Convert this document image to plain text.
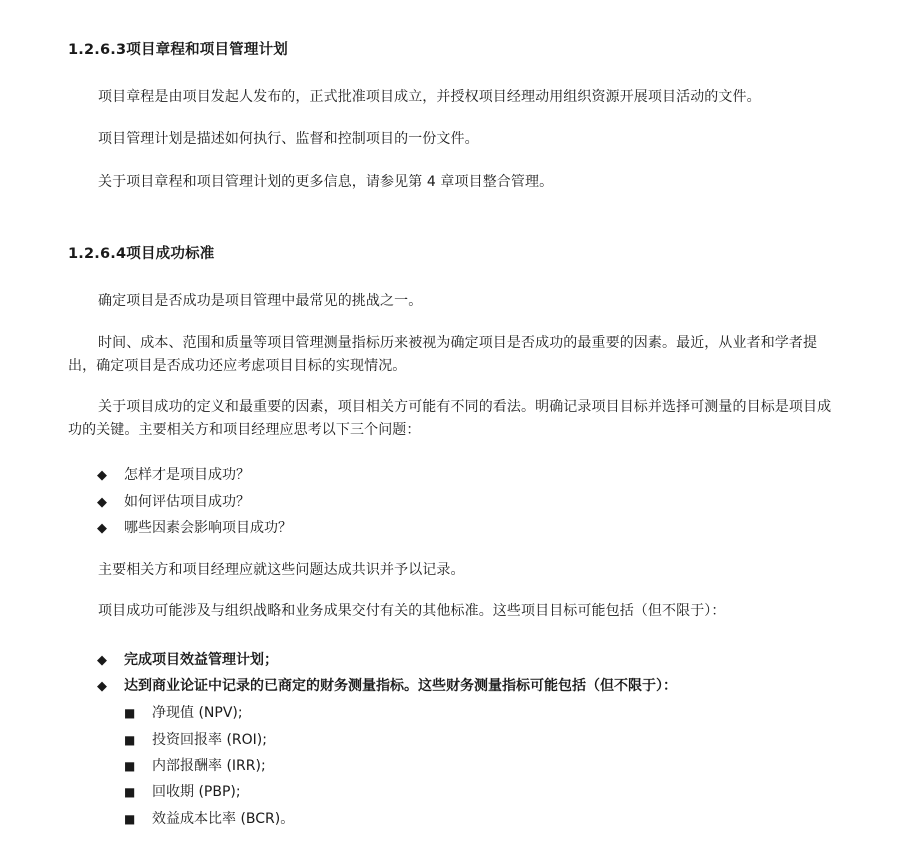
1.2.6.3项目章程和项目管理计划
项目章程是由项目发起人发布的，正式批准项目成立，并授权项目经理动用组织资源开展项目活动的文件。
项目管理计划是描述如何执行、监督和控制项目的一份文件。
关于项目章程和项目管理计划的更多信息，请参见第 4 章项目整合管理。
1.2.6.4项目成功标准
确定项目是否成功是项目管理中最常见的挑战之一。
时间、成本、范围和质量等项目管理测量指标历来被视为确定项目是否成功的最重要的因素。最近，从业者和学者提出，确定项目是否成功还应考虑项目目标的实现情况。
关于项目成功的定义和最重要的因素，项目相关方可能有不同的看法。明确记录项目目标并选择可测量的目标是项目成功的关键。主要相关方和项目经理应思考以下三个问题：
◆ 怎样才是项目成功？
◆ 如何评估项目成功？
◆ 哪些因素会影响项目成功？
主要相关方和项目经理应就这些问题达成共识并予以记录。
项目成功可能涉及与组织战略和业务成果交付有关的其他标准。这些项目目标可能包括（但不限于）：
◆ 完成项目效益管理计划；
◆ 达到商业论证中记录的已商定的财务测量指标。这些财务测量指标可能包括（但不限于）：
■ 净现值 (NPV);
■ 投资回报率 (ROI);
■ 内部报酬率 (IRR);
■ 回收期 (PBP);
■ 效益成本比率 (BCR)。
